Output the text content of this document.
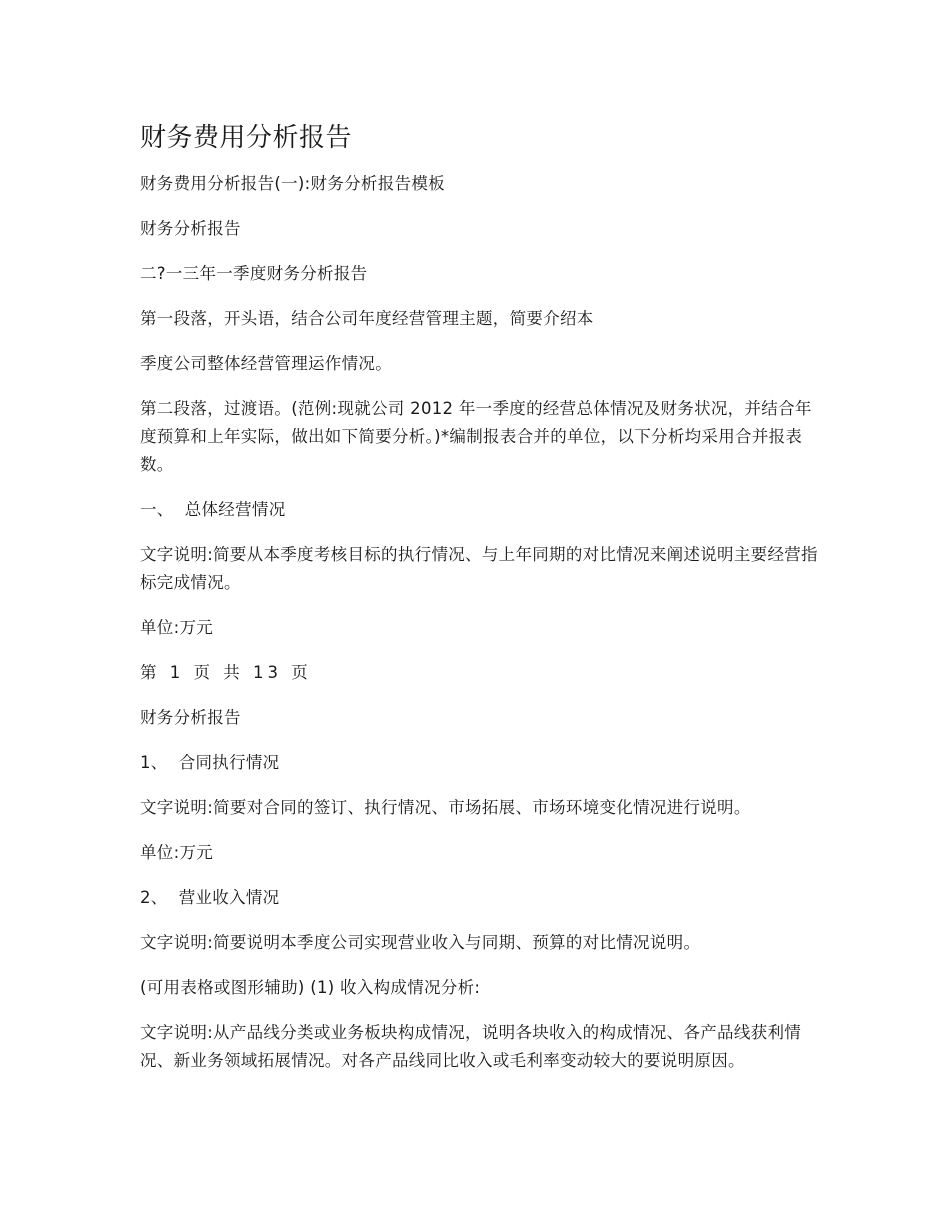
财务费用分析报告

财务费用分析报告(一):财务分析报告模板

财务分析报告

二?一三年一季度财务分析报告

第一段落，开头语，结合公司年度经营管理主题，简要介绍本

季度公司整体经营管理运作情况。

第二段落，过渡语。(范例:现就公司 2012 年一季度的经营总体情况及财务状况，并结合年度预算和上年实际，做出如下简要分析。)*编制报表合并的单位，以下分析均采用合并报表数。

一、  总体经营情况

文字说明:简要从本季度考核目标的执行情况、与上年同期的对比情况来阐述说明主要经营指标完成情况。

单位:万元

第 1 页 共 13 页

财务分析报告

1、  合同执行情况

文字说明:简要对合同的签订、执行情况、市场拓展、市场环境变化情况进行说明。

单位:万元

2、  营业收入情况

文字说明:简要说明本季度公司实现营业收入与同期、预算的对比情况说明。

(可用表格或图形辅助) (1) 收入构成情况分析:

文字说明:从产品线分类或业务板块构成情况，说明各块收入的构成情况、各产品线获利情况、新业务领域拓展情况。对各产品线同比收入或毛利率变动较大的要说明原因。
